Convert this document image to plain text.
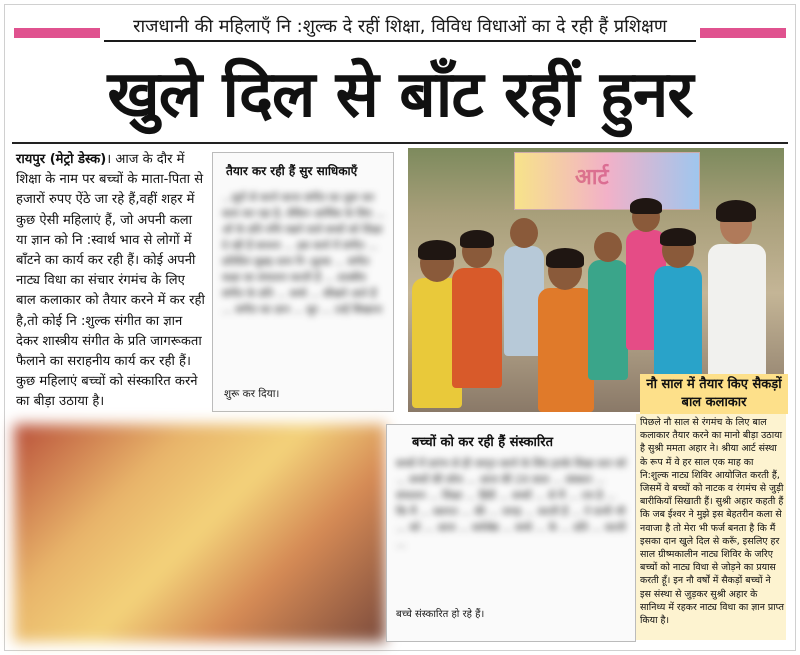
राजधानी की महिलाएँ नि :शुल्क दे रहीं शिक्षा, विविध विधाओं का दे रही हैं प्रशिक्षण
खुले दिल से बाँट रहीं हुनर
रायपुर (मेट्रो डेस्क)। आज के दौर में शिक्षा के नाम पर बच्चों के माता-पिता से हजारों रुपए ऐंठे जा रहे हैं,वहीं शहर में कुछ ऐसी महिलाएं हैं, जो अपनी कला या ज्ञान को नि :स्वार्थ भाव से लोगों में बाँटने का कार्य कर रही हैं। कोई अपनी नाट्य विधा का संचार रंगमंच के लिए बाल कलाकार को तैयार करने में कर रही है,तो कोई नि :शुल्क संगीत का ज्ञान देकर शास्त्रीय संगीत के प्रति जागरूकता फैलाने का सराहनीय कार्य कर रही हैं। कुछ महिलाएं बच्चों को संस्कारित करने का बीड़ा उठाया है।
तैयार कर रही हैं सुर साधिकाएँ
...सुरों से करने काना संगीत का शुरू कर काम कर रहा है, लेकिन आर्थिक के लिए ... ओं के प्रति रुचि रखने वाले बच्चों को शिक्षा दे रही हैं साधना ... इस कार्य में संगीत ... प्रतिदिन सुबह शाम नि :शुल्क ... संगीत कक्षा का संचालन करती हैं ... शास्त्रीय संगीत के प्रति ... बच्चे ... सीखने आते हैं ... संगीत का ज्ञान ... सुर ... उन्हें सिखाना
शुरू कर दिया।
आर्ट
नौ साल में तैयार किए सैकड़ों बाल कलाकार
बच्चों को कर रही हैं संस्कारित
बच्चों में प्रारंभ से ही जागृत करने के लिए इनके शिक्षा स्तर को ... बच्चों की सोच ... आज की 24 साल ... संस्कार ... संचालन ... शिक्षा ... हिंदी ... बच्चों ... से मैं ... तय है ... कि मैं ... स्वागत ... की ... जगह ... करती हैं ... ने कभी भी ... को ... आज ... सर्वश्रेष्ठ ... बच्चे ... के ... प्रति ... करती ...
बच्चे संस्कारित हो रहे हैं।
पिछले नौ साल से रंगमंच के लिए बाल कलाकार तैयार करने का मानो बीड़ा उठाया है सुश्री ममता अहार ने। श्रीया आर्ट संस्था के रूप में वे हर साल एक माह का नि:शुल्क नाट्य शिविर आयोजित करती हैं, जिसमें वे बच्चों को नाटक व रंगमंच से जुड़ी बारीकियाँ सिखाती हैं। सुश्री अहार कहती हैं कि जब ईश्वर ने मुझे इस बेहतरीन कला से नवाजा है तो मेरा भी फर्ज बनता है कि मैं इसका दान खुले दिल से करूँ, इसलिए हर साल ग्रीष्मकालीन नाट्य शिविर के जरिए बच्चों को नाट्य विधा से जोड़ने का प्रयास करती हूँ। इन नौ वर्षों में सैकड़ों बच्चों ने इस संस्था से जुड़कर सुश्री अहार के सानिध्य में रहकर नाट्य विधा का ज्ञान प्राप्त किया है।
